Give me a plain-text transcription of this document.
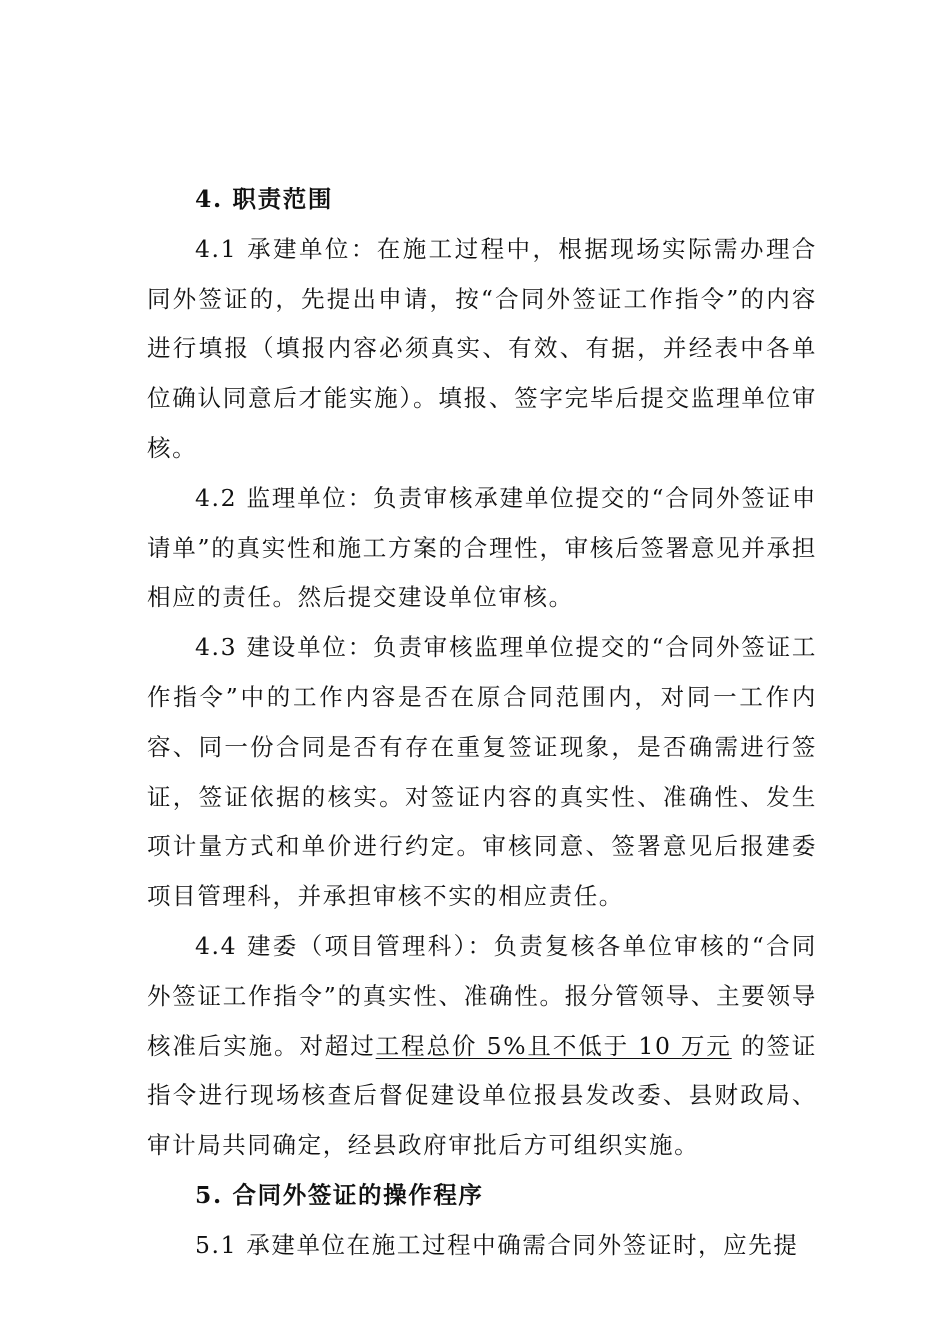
4. 职责范围

4.1 承建单位：在施工过程中，根据现场实际需办理合同外签证的，先提出申请，按“合同外签证工作指令”的内容进行填报（填报内容必须真实、有效、有据，并经表中各单位确认同意后才能实施）。填报、签字完毕后提交监理单位审核。

4.2 监理单位：负责审核承建单位提交的“合同外签证申请单”的真实性和施工方案的合理性，审核后签署意见并承担相应的责任。然后提交建设单位审核。

4.3 建设单位：负责审核监理单位提交的“合同外签证工作指令”中的工作内容是否在原合同范围内，对同一工作内容、同一份合同是否有存在重复签证现象，是否确需进行签证，签证依据的核实。对签证内容的真实性、准确性、发生项计量方式和单价进行约定。审核同意、签署意见后报建委项目管理科，并承担审核不实的相应责任。

4.4 建委（项目管理科）：负责复核各单位审核的“合同外签证工作指令”的真实性、准确性。报分管领导、主要领导核准后实施。对超过工程总价 5%且不低于 10 万元 的签证指令进行现场核查后督促建设单位报县发改委、县财政局、审计局共同确定，经县政府审批后方可组织实施。

5. 合同外签证的操作程序

5.1 承建单位在施工过程中确需合同外签证时，应先提
